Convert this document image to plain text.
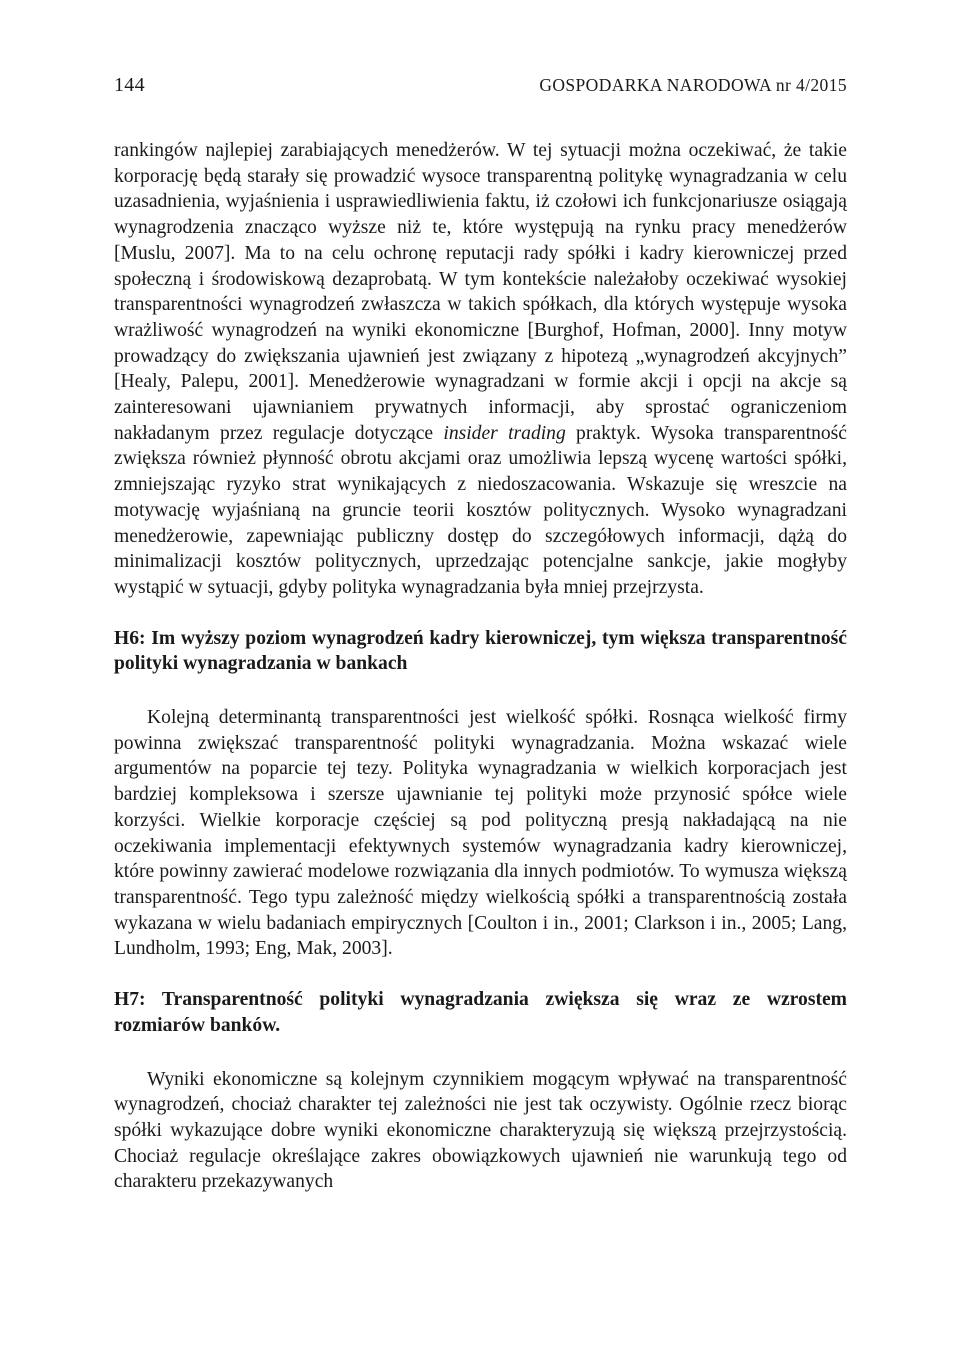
144	GOSPODARKA NARODOWA nr 4/2015

rankingów najlepiej zarabiających menedżerów. W tej sytuacji można oczekiwać, że takie korporację będą starały się prowadzić wysoce transparentną politykę wynagradzania w celu uzasadnienia, wyjaśnienia i usprawiedliwienia faktu, iż czołowi ich funkcjonariusze osiągają wynagrodzenia znacząco wyższe niż te, które występują na rynku pracy menedżerów [Muslu, 2007]. Ma to na celu ochronę reputacji rady spółki i kadry kierowniczej przed społeczną i środowiskową dezaprobatą. W tym kontekście należałoby oczekiwać wysokiej transparentności wynagrodzeń zwłaszcza w takich spółkach, dla których występuje wysoka wrażliwość wynagrodzeń na wyniki ekonomiczne [Burghof, Hofman, 2000]. Inny motyw prowadzący do zwiększania ujawnień jest związany z hipotezą „wynagrodzeń akcyjnych” [Healy, Palepu, 2001]. Menedżerowie wynagradzani w formie akcji i opcji na akcje są zainteresowani ujawnianiem prywatnych informacji, aby sprostać ograniczeniom nakładanym przez regulacje dotyczące insider trading praktyk. Wysoka transparentność zwiększa również płynność obrotu akcjami oraz umożliwia lepszą wycenę wartości spółki, zmniejszając ryzyko strat wynikających z niedoszacowania. Wskazuje się wreszcie na motywację wyjaśnianą na gruncie teorii kosztów politycznych. Wysoko wynagradzani menedżerowie, zapewniając publiczny dostęp do szczegółowych informacji, dążą do minimalizacji kosztów politycznych, uprzedzając potencjalne sankcje, jakie mogłyby wystąpić w sytuacji, gdyby polityka wynagradzania była mniej przejrzysta.

H6: Im wyższy poziom wynagrodzeń kadry kierowniczej, tym większa transparentność polityki wynagradzania w bankach

Kolejną determinantą transparentności jest wielkość spółki. Rosnąca wielkość firmy powinna zwiększać transparentność polityki wynagradzania. Można wskazać wiele argumentów na poparcie tej tezy. Polityka wynagradzania w wielkich korporacjach jest bardziej kompleksowa i szersze ujawnianie tej polityki może przynosić spółce wiele korzyści. Wielkie korporacje częściej są pod polityczną presją nakładającą na nie oczekiwania implementacji efektywnych systemów wynagradzania kadry kierowniczej, które powinny zawierać modelowe rozwiązania dla innych podmiotów. To wymusza większą transparentność. Tego typu zależność między wielkością spółki a transparentnością została wykazana w wielu badaniach empirycznych [Coulton i in., 2001; Clarkson i in., 2005; Lang, Lundholm, 1993; Eng, Mak, 2003].

H7: Transparentność polityki wynagradzania zwiększa się wraz ze wzrostem rozmiarów banków.

Wyniki ekonomiczne są kolejnym czynnikiem mogącym wpływać na transparentność wynagrodzeń, chociaż charakter tej zależności nie jest tak oczywisty. Ogólnie rzecz biorąc spółki wykazujące dobre wyniki ekonomiczne charakteryzują się większą przejrzystością. Chociaż regulacje określające zakres obowiązkowych ujawnień nie warunkują tego od charakteru przekazywanych
